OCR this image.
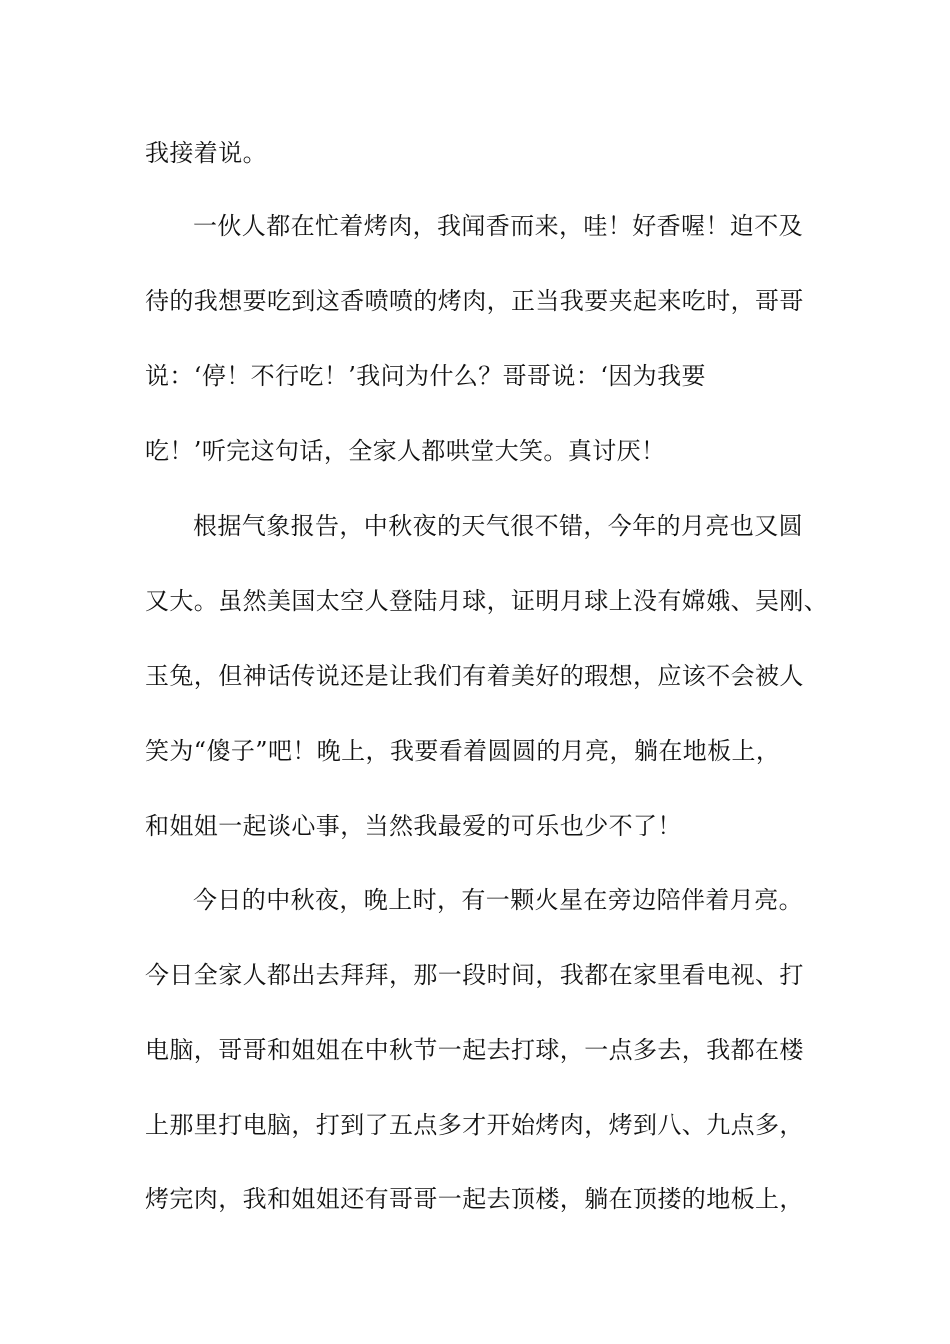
我接着说。

一伙人都在忙着烤肉，我闻香而来，哇！好香喔！迫不及

待的我想要吃到这香喷喷的烤肉，正当我要夹起来吃时，哥哥

说：‘停！不行吃！’我问为什么？哥哥说：‘因为我要

吃！’听完这句话，全家人都哄堂大笑。真讨厌！

根据气象报告，中秋夜的天气很不错，今年的月亮也又圆

又大。虽然美国太空人登陆月球，证明月球上没有嫦娥、吴刚、

玉兔，但神话传说还是让我们有着美好的瑕想，应该不会被人

笑为“傻子”吧！晚上，我要看着圆圆的月亮，躺在地板上，

和姐姐一起谈心事，当然我最爱的可乐也少不了！

今日的中秋夜，晚上时，有一颗火星在旁边陪伴着月亮。

今日全家人都出去拜拜，那一段时间，我都在家里看电视、打

电脑，哥哥和姐姐在中秋节一起去打球，一点多去，我都在楼

上那里打电脑，打到了五点多才开始烤肉，烤到八、九点多，

烤完肉，我和姐姐还有哥哥一起去顶楼，躺在顶搂的地板上，
